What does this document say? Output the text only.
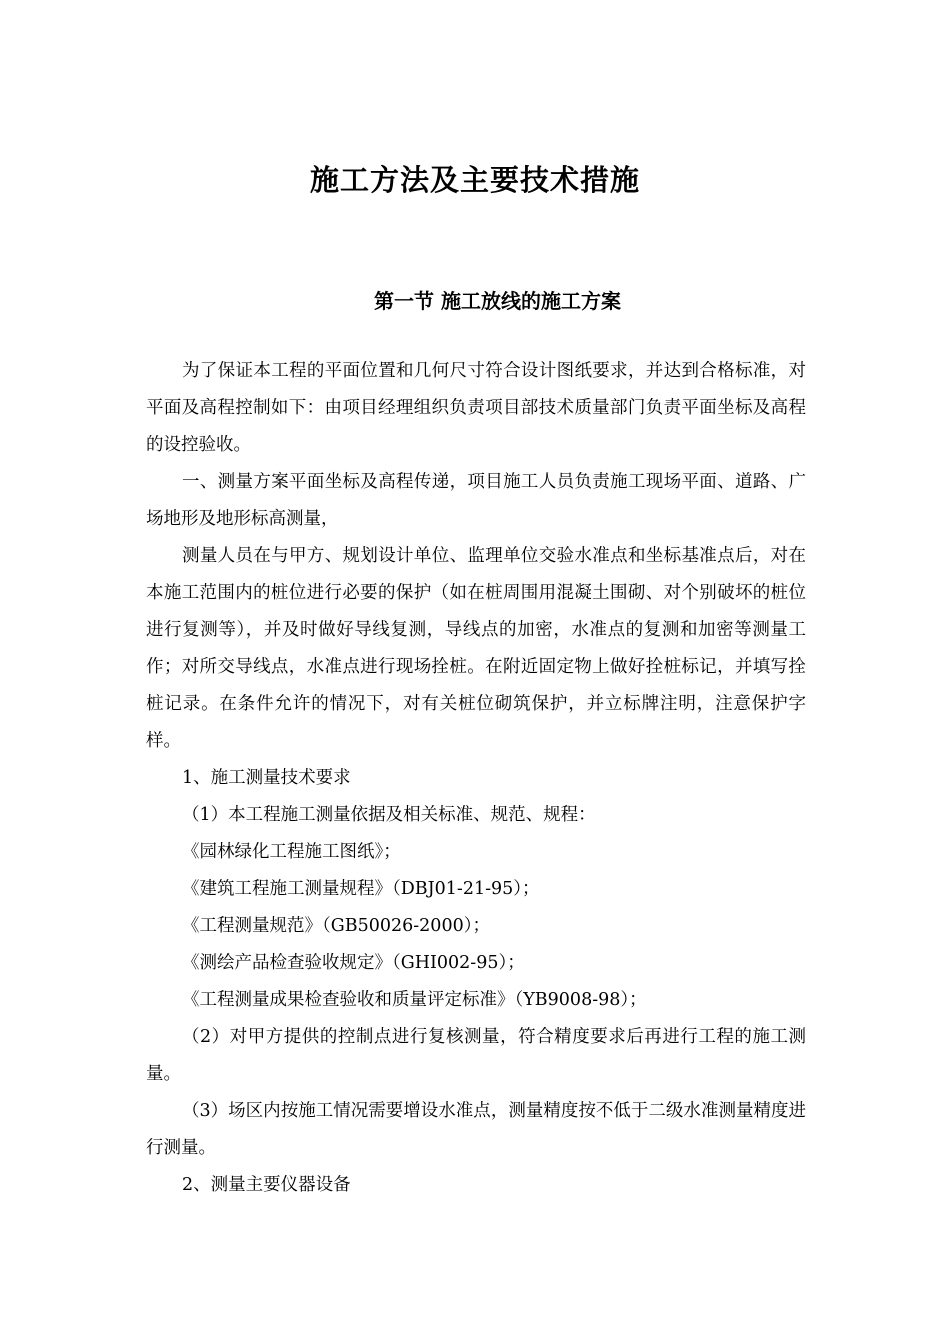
施工方法及主要技术措施
第一节 施工放线的施工方案

为了保证本工程的平面位置和几何尺寸符合设计图纸要求，并达到合格标准，对平面及高程控制如下：由项目经理组织负责项目部技术质量部门负责平面坐标及高程的设控验收。

一、测量方案平面坐标及高程传递，项目施工人员负责施工现场平面、道路、广场地形及地形标高测量，

测量人员在与甲方、规划设计单位、监理单位交验水准点和坐标基准点后，对在本施工范围内的桩位进行必要的保护（如在桩周围用混凝土围砌、对个别破坏的桩位进行复测等），并及时做好导线复测，导线点的加密，水准点的复测和加密等测量工作；对所交导线点，水准点进行现场拴桩。在附近固定物上做好拴桩标记，并填写拴桩记录。在条件允许的情况下，对有关桩位砌筑保护，并立标牌注明，注意保护字样。

1、施工测量技术要求

（1）本工程施工测量依据及相关标准、规范、规程：

《园林绿化工程施工图纸》；

《建筑工程施工测量规程》（DBJ01-21-95）；

《工程测量规范》（GB50026-2000）；

《测绘产品检查验收规定》（GHI002-95）；

《工程测量成果检查验收和质量评定标准》（YB9008-98）；

（2）对甲方提供的控制点进行复核测量，符合精度要求后再进行工程的施工测量。

（3）场区内按施工情况需要增设水准点，测量精度按不低于二级水准测量精度进行测量。

2、测量主要仪器设备
